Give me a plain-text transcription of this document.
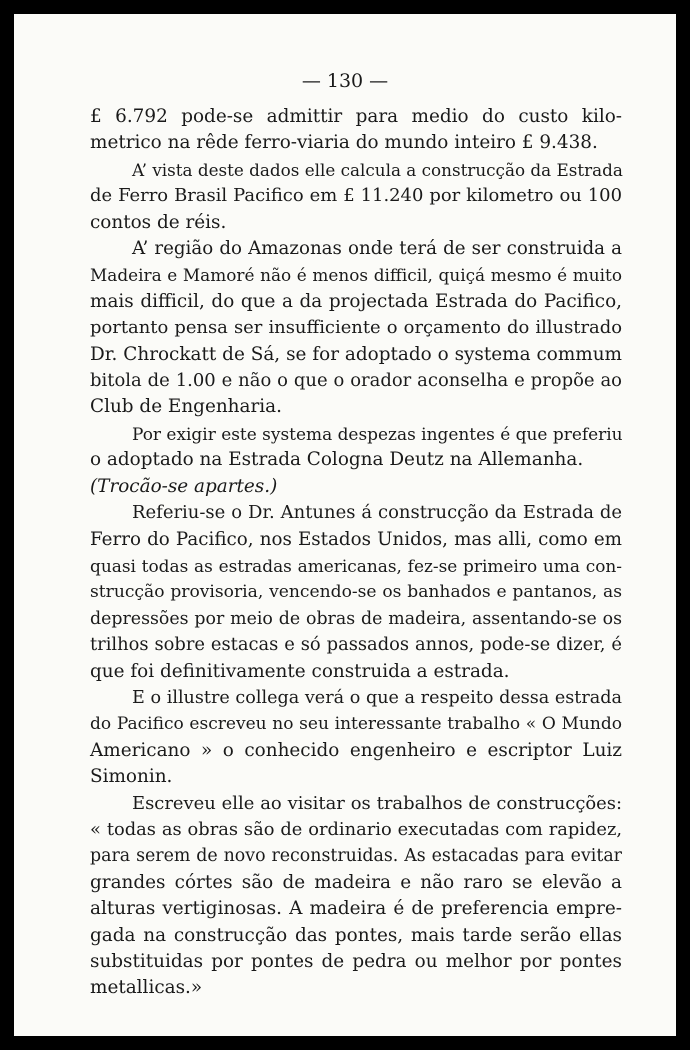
— 130 —

£ 6.792 pode-se admittir para medio do custo kilo-
metrico na rêde ferro-viaria do mundo inteiro £ 9.438.

A’ vista deste dados elle calcula a construcção da Estrada
de Ferro Brasil Pacifico em £ 11.240 por kilometro ou 100
contos de réis.

A’ região do Amazonas onde terá de ser construida a
Madeira e Mamoré não é menos difficil, quiçá mesmo é muito
mais difficil, do que a da projectada Estrada do Pacifico,
portanto pensa ser insufficiente o orçamento do illustrado
Dr. Chrockatt de Sá, se for adoptado o systema commum
bitola de 1.00 e não o que o orador aconselha e propõe ao
Club de Engenharia.

Por exigir este systema despezas ingentes é que preferiu
o adoptado na Estrada Cologna Deutz na Allemanha.

(Trocão-se apartes.)

Referiu-se o Dr. Antunes á construcção da Estrada de
Ferro do Pacifico, nos Estados Unidos, mas alli, como em
quasi todas as estradas americanas, fez-se primeiro uma con-
strucção provisoria, vencendo-se os banhados e pantanos, as
depressões por meio de obras de madeira, assentando-se os
trilhos sobre estacas e só passados annos, pode-se dizer, é
que foi definitivamente construida a estrada.

E o illustre collega verá o que a respeito dessa estrada
do Pacifico escreveu no seu interessante trabalho « O Mundo
Americano » o conhecido engenheiro e escriptor Luiz
Simonin.

Escreveu elle ao visitar os trabalhos de construcções:
« todas as obras são de ordinario executadas com rapidez,
para serem de novo reconstruidas. As estacadas para evitar
grandes córtes são de madeira e não raro se elevão a
alturas vertiginosas. A madeira é de preferencia empre-
gada na construcção das pontes, mais tarde serão ellas
substituidas por pontes de pedra ou melhor por pontes
metallicas.»
